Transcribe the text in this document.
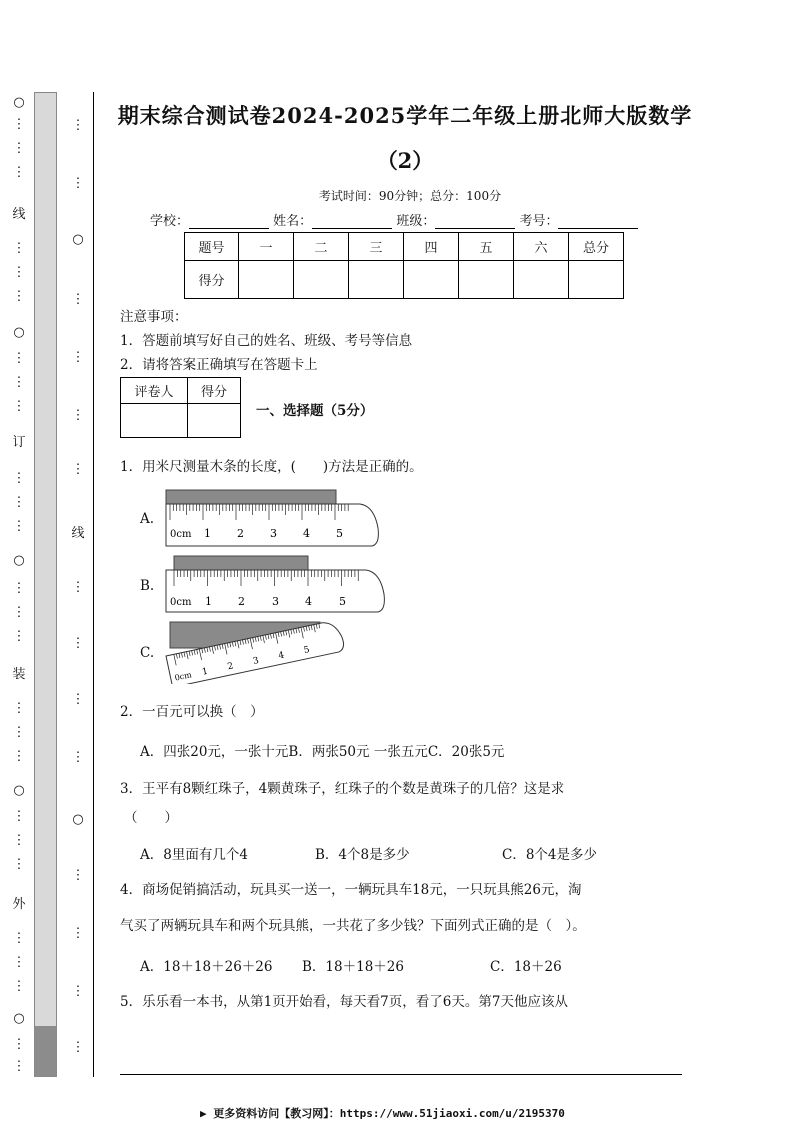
○
⋮
⋮
⋮
线
⋮
⋮
⋮
○
⋮
⋮
⋮
订
⋮
⋮
⋮
○
⋮
⋮
⋮
装
⋮
⋮
⋮
○
⋮
⋮
⋮
外
⋮
⋮
⋮
○
⋮
⋮
⋮
⋮
○
⋮
⋮
⋮
⋮
线
⋮
⋮
⋮
⋮
○
⋮
⋮
⋮
⋮
期末综合测试卷2024-2025学年二年级上册北师大版数学
（2）
考试时间：90分钟；总分：100分
学校：	姓名：	班级：	考号：
题号	一	二	三	四	五	六	总分
得分							
注意事项：
1．答题前填写好自己的姓名、班级、考号等信息
2．请将答案正确填写在答题卡上
评卷人	得分

一、选择题（5分）
1．用米尺测量木条的长度，(　　)方法是正确的。
A.
B.
C.
0cm 1 2 3 4 5
0cm 1 2 3 4 5
0cm 1 2 3 4 5
2．一百元可以换（　）
A．四张20元，一张十元B．两张50元 一张五元C．20张5元
3．王平有8颗红珠子，4颗黄珠子，红珠子的个数是黄珠子的几倍？这是求
（　　）
A．8里面有几个4	B．4个8是多少	C．8个4是多少
4．商场促销搞活动，玩具买一送一，一辆玩具车18元，一只玩具熊26元，淘
气买了两辆玩具车和两个玩具熊，一共花了多少钱？下面列式正确的是（　）。
A．18＋18＋26＋26 B．18＋18＋26	C．18＋26
5．乐乐看一本书，从第1页开始看，每天看7页，看了6天。第7天他应该从
▶ 更多资料访问【教习网】：https://www.51jiaoxi.com/u/2195370
